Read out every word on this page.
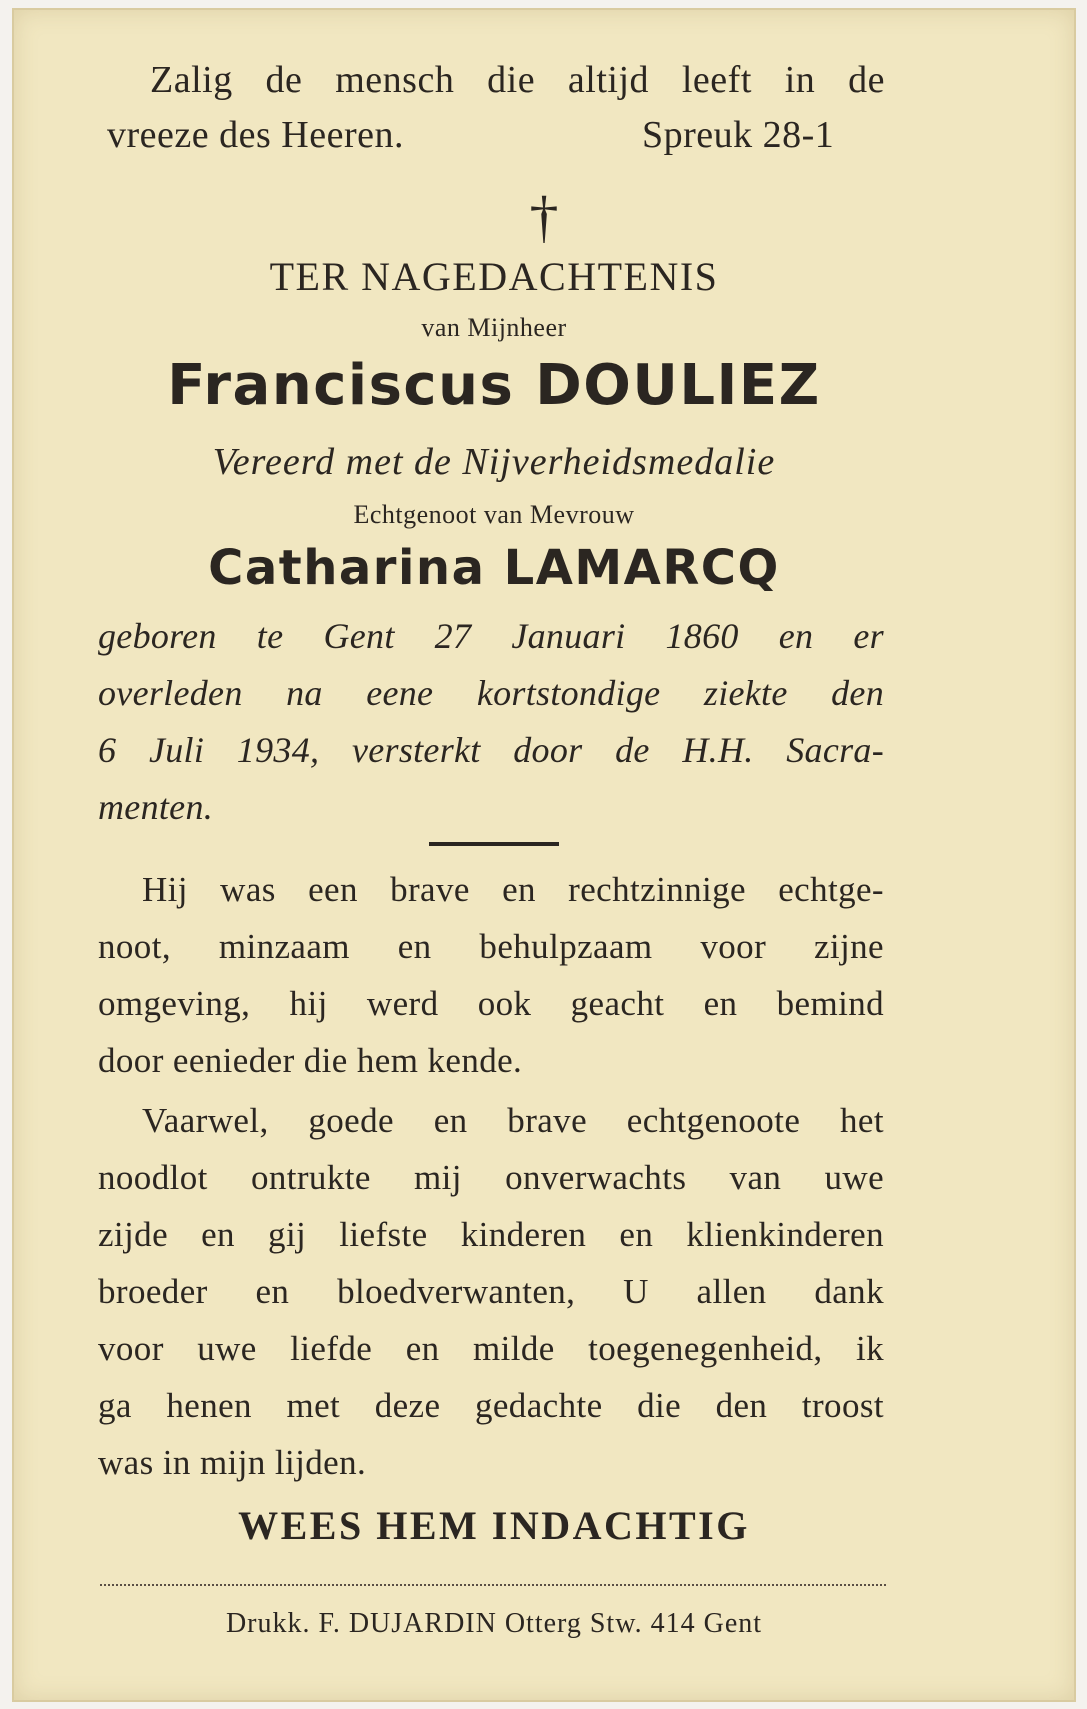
Zalig de mensch die altijd leeft in de
vreeze des Heeren.	Spreuk 28-1
†
TER NAGEDACHTENIS
van Mijnheer
Franciscus DOULIEZ
Vereerd met de Nijverheidsmedalie
Echtgenoot van Mevrouw
Catharina LAMARCQ
geboren te Gent 27 Januari 1860 en er
overleden na eene kortstondige ziekte den
6 Juli 1934, versterkt door de H.H. Sacra-
menten.
Hij was een brave en rechtzinnige echtge-
noot, minzaam en behulpzaam voor zijne
omgeving, hij werd ook geacht en bemind
door eenieder die hem kende.
Vaarwel, goede en brave echtgenoote het
noodlot ontrukte mij onverwachts van uwe
zijde en gij liefste kinderen en klienkinderen
broeder en bloedverwanten, U allen dank
voor uwe liefde en milde toegenegenheid, ik
ga henen met deze gedachte die den troost
was in mijn lijden.
WEES HEM INDACHTIG
Drukk. F. DUJARDIN Otterg Stw. 414 Gent
